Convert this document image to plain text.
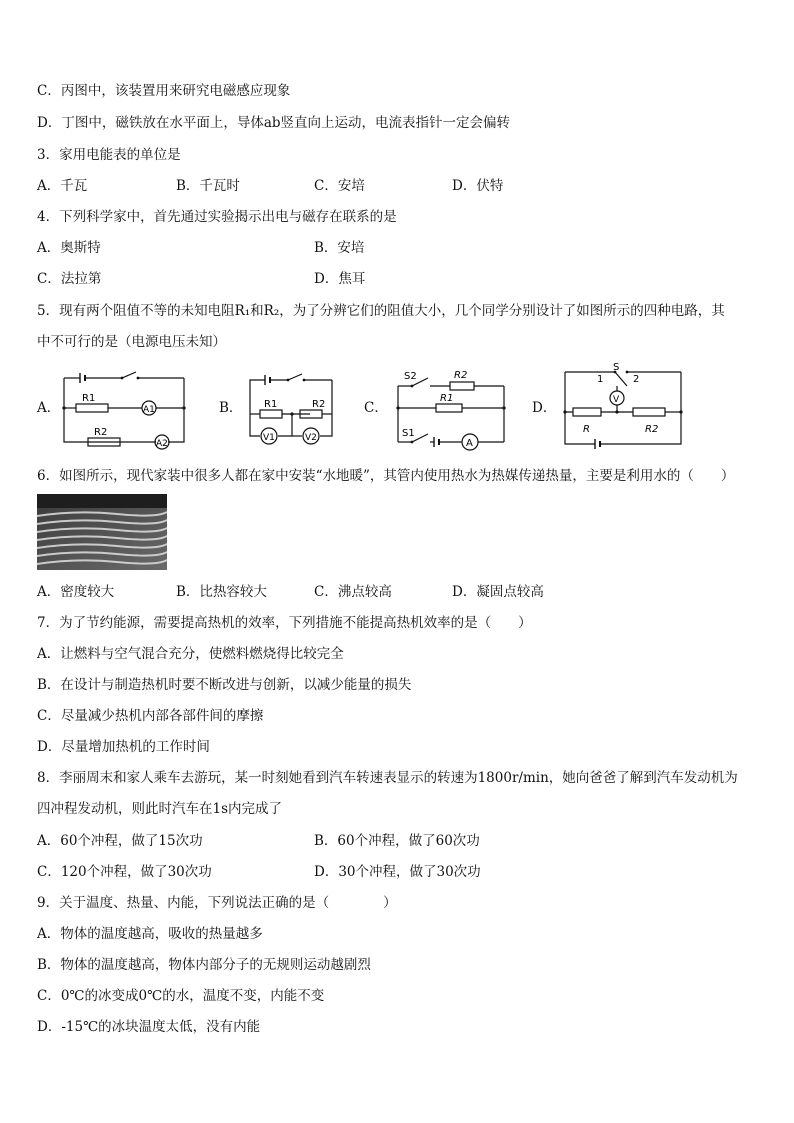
C．丙图中，该装置用来研究电磁感应现象
D．丁图中，磁铁放在水平面上，导体ab竖直向上运动，电流表指针一定会偏转
3．家用电能表的单位是
A．千瓦	B．千瓦时	C．安培	D．伏特
4．下列科学家中，首先通过实验揭示出电与磁存在联系的是
A．奥斯特	B．安培
C．法拉第	D．焦耳
5．现有两个阻值不等的未知电阻R₁和R₂，为了分辨它们的阻值大小，几个同学分别设计了如图所示的四种电路，其
中不可行的是（电源电压未知）
A．	B．	C．	D．
R1
R2
A1
A2
R1	R2
V1	V2
S2	R2
R1
S1
A
S
1	2
V
R	R2
6．如图所示，现代家装中很多人都在家中安装“水地暖”，其管内使用热水为热媒传递热量，主要是利用水的（　　）
A．密度较大	B．比热容较大	C．沸点较高	D．凝固点较高
7．为了节约能源，需要提高热机的效率，下列措施不能提高热机效率的是（　　）
A．让燃料与空气混合充分，使燃料燃烧得比较完全
B．在设计与制造热机时要不断改进与创新，以减少能量的损失
C．尽量减少热机内部各部件间的摩擦
D．尽量增加热机的工作时间
8．李丽周末和家人乘车去游玩，某一时刻她看到汽车转速表显示的转速为1800r/min，她向爸爸了解到汽车发动机为
四冲程发动机，则此时汽车在1s内完成了
A．60个冲程，做了15次功	B．60个冲程，做了60次功
C．120个冲程，做了30次功	D．30个冲程，做了30次功
9．关于温度、热量、内能，下列说法正确的是（　　　　）
A．物体的温度越高，吸收的热量越多
B．物体的温度越高，物体内部分子的无规则运动越剧烈
C．0℃的冰变成0℃的水，温度不变，内能不变
D．-15℃的冰块温度太低，没有内能
